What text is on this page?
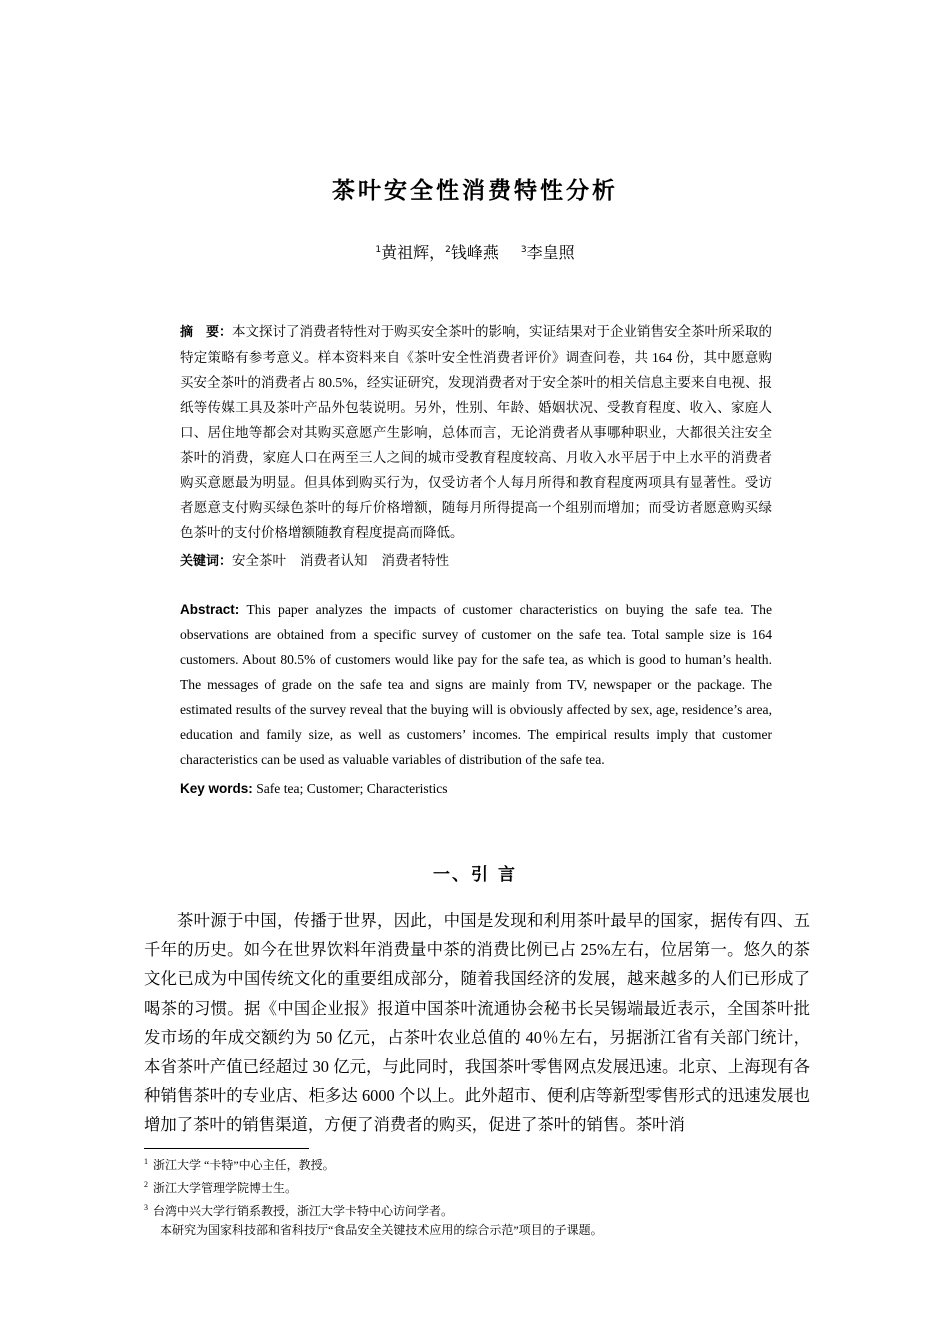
茶叶安全性消费特性分析
$^1$黄祖辉，$^2$钱峰燕 $^3$李皇照
摘　要：本文探讨了消费者特性对于购买安全茶叶的影响，实证结果对于企业销售安全茶叶所采取的特定策略有参考意义。样本资料来自《茶叶安全性消费者评价》调查问卷，共 164 份，其中愿意购买安全茶叶的消费者占 80.5%，经实证研究，发现消费者对于安全茶叶的相关信息主要来自电视、报纸等传媒工具及茶叶产品外包装说明。另外，性别、年龄、婚姻状况、受教育程度、收入、家庭人口、居住地等都会对其购买意愿产生影响，总体而言，无论消费者从事哪种职业，大都很关注安全茶叶的消费，家庭人口在两至三人之间的城市受教育程度较高、月收入水平居于中上水平的消费者购买意愿最为明显。但具体到购买行为，仅受访者个人每月所得和教育程度两项具有显著性。受访者愿意支付购买绿色茶叶的每斤价格增额，随每月所得提高一个组别而增加；而受访者愿意购买绿色茶叶的支付价格增额随教育程度提高而降低。
关键词：安全茶叶 消费者认知 消费者特性
Abstract: This paper analyzes the impacts of customer characteristics on buying the safe tea. The observations are obtained from a specific survey of customer on the safe tea. Total sample size is 164 customers. About 80.5% of customers would like pay for the safe tea, as which is good to human’s health. The messages of grade on the safe tea and signs are mainly from TV, newspaper or the package. The estimated results of the survey reveal that the buying will is obviously affected by sex, age, residence’s area, education and family size, as well as customers’ incomes. The empirical results imply that customer characteristics can be used as valuable variables of distribution of the safe tea.
Key words: Safe tea; Customer; Characteristics
一、引 言
茶叶源于中国，传播于世界，因此，中国是发现和利用茶叶最早的国家，据传有四、五千年的历史。如今在世界饮料年消费量中茶的消费比例已占 25%左右，位居第一。悠久的茶文化已成为中国传统文化的重要组成部分，随着我国经济的发展，越来越多的人们已形成了喝茶的习惯。据《中国企业报》报道中国茶叶流通协会秘书长吴锡端最近表示，全国茶叶批发市场的年成交额约为 50 亿元，占茶叶农业总值的 40％左右，另据浙江省有关部门统计，本省茶叶产值已经超过 30 亿元，与此同时，我国茶叶零售网点发展迅速。北京、上海现有各种销售茶叶的专业店、柜多达 6000 个以上。此外超市、便利店等新型零售形式的迅速发展也增加了茶叶的销售渠道，方便了消费者的购买，促进了茶叶的销售。茶叶消
$^1$ 浙江大学 “卡特”中心主任，教授。
$^2$ 浙江大学管理学院博士生。
$^3$ 台湾中兴大学行销系教授，浙江大学卡特中心访问学者。
本研究为国家科技部和省科技厅“食品安全关键技术应用的综合示范”项目的子课题。
